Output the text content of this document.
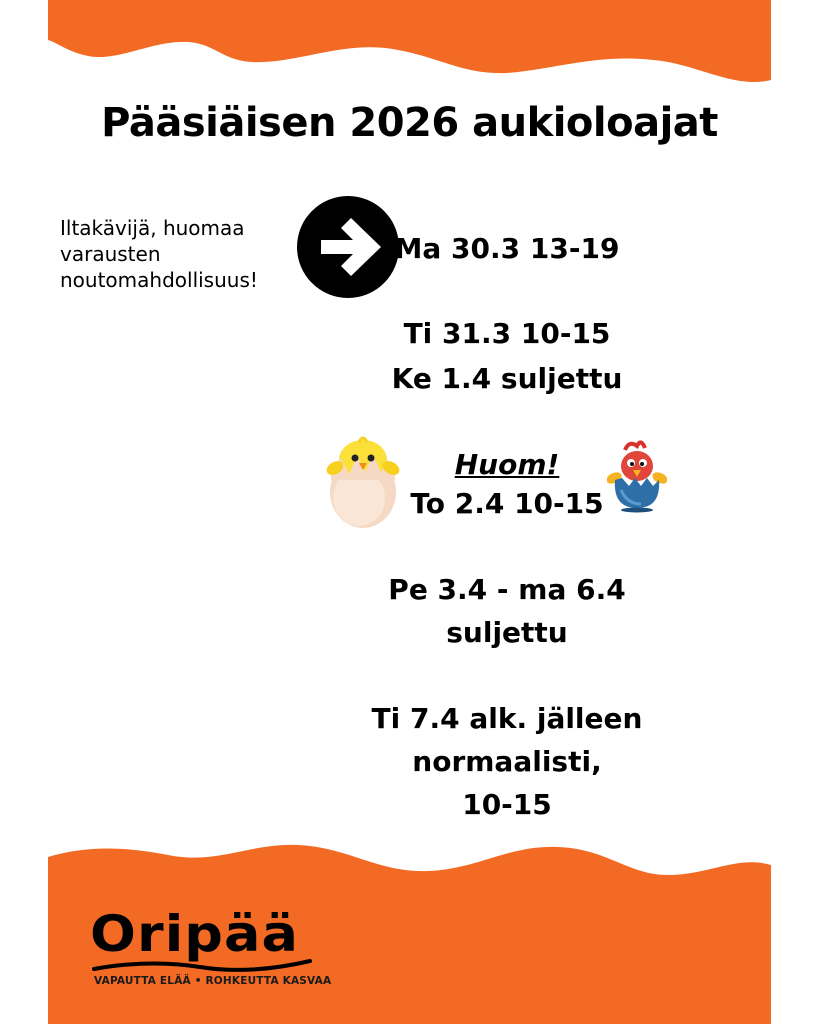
Pääsiäisen 2026 aukioloajat
Iltakävijä, huomaa varausten noutomahdollisuus!

Ma 30.3 13-19

Ti 31.3 10-15

Ke 1.4 suljettu

Huom!

To 2.4 10-15

Pe 3.4 - ma 6.4

suljettu

Ti 7.4 alk. jälleen

normaalisti,

10-15

Oripää
VAPAUTTA ELÄÄ • ROHKEUTTA KASVAA
